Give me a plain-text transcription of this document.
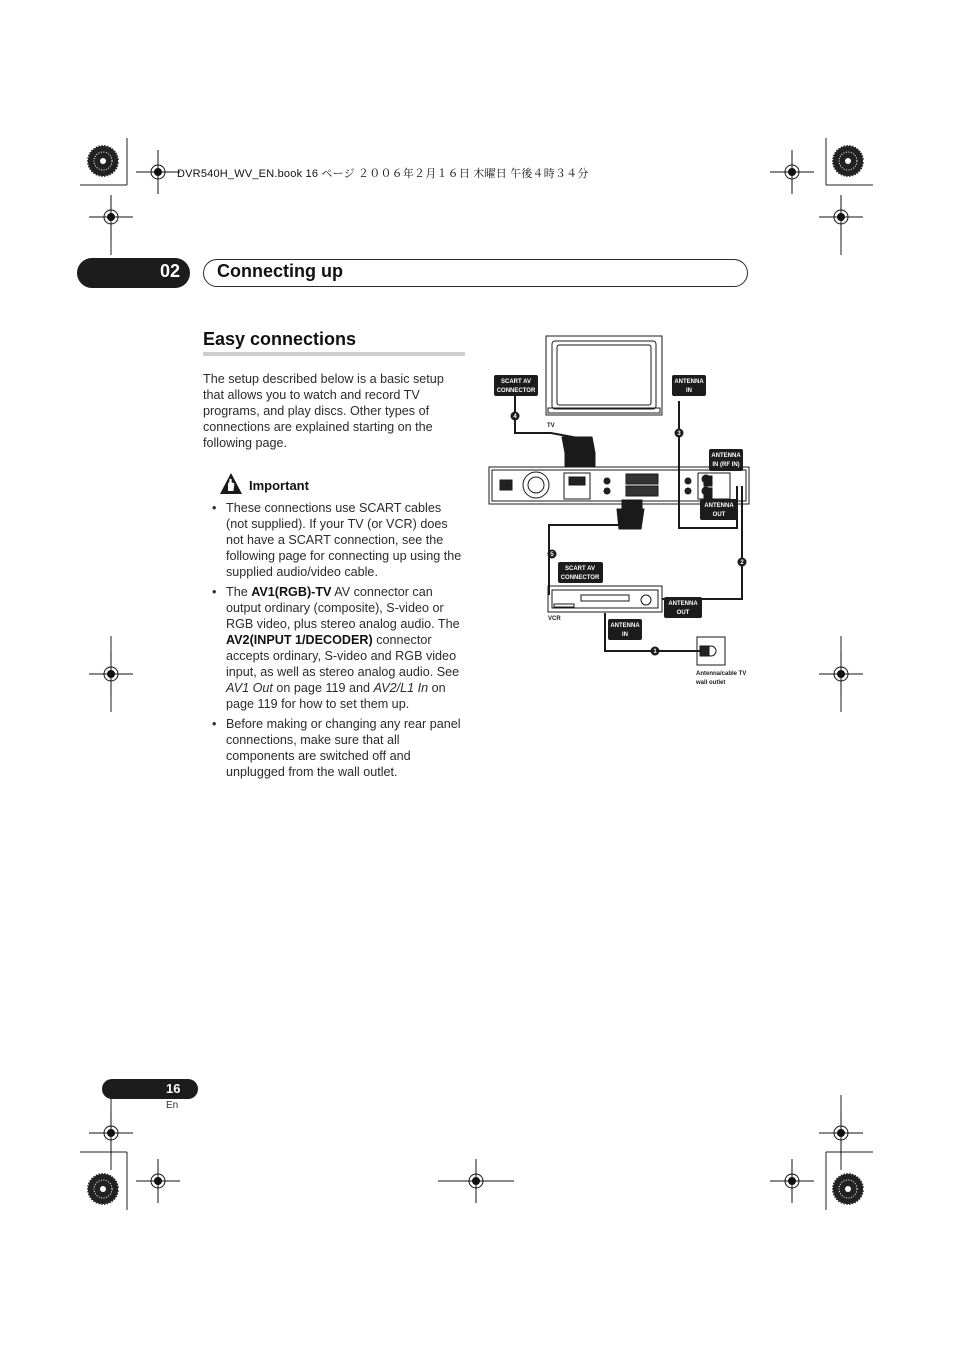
DVR540H_WV_EN.book 16 ページ ２００６年２月１６日 木曜日 午後４時３４分
02 Connecting up
Easy connections
The setup described below is a basic setup that allows you to watch and record TV programs, and play discs. Other types of connections are explained starting on the following page.
Important
• These connections use SCART cables (not supplied). If your TV (or VCR) does not have a SCART connection, see the following page for connecting up using the supplied audio/video cable.
• The AV1(RGB)-TV AV connector can output ordinary (composite), S-video or RGB video, plus stereo analog audio. The AV2(INPUT 1/DECODER) connector accepts ordinary, S-video and RGB video input, as well as stereo analog audio. See AV1 Out on page 119 and AV2/L1 In on page 119 for how to set them up.
• Before making or changing any rear panel connections, make sure that all components are switched off and unplugged from the wall outlet.
SCART AV
CONNECTOR
ANTENNA
IN
ANTENNA
IN (RF IN)
ANTENNA
OUT
SCART AV
CONNECTOR
ANTENNA
OUT
ANTENNA
IN
TV
VCR
Antenna/cable TV
wall outlet
4
3
2
5
1
16
En
